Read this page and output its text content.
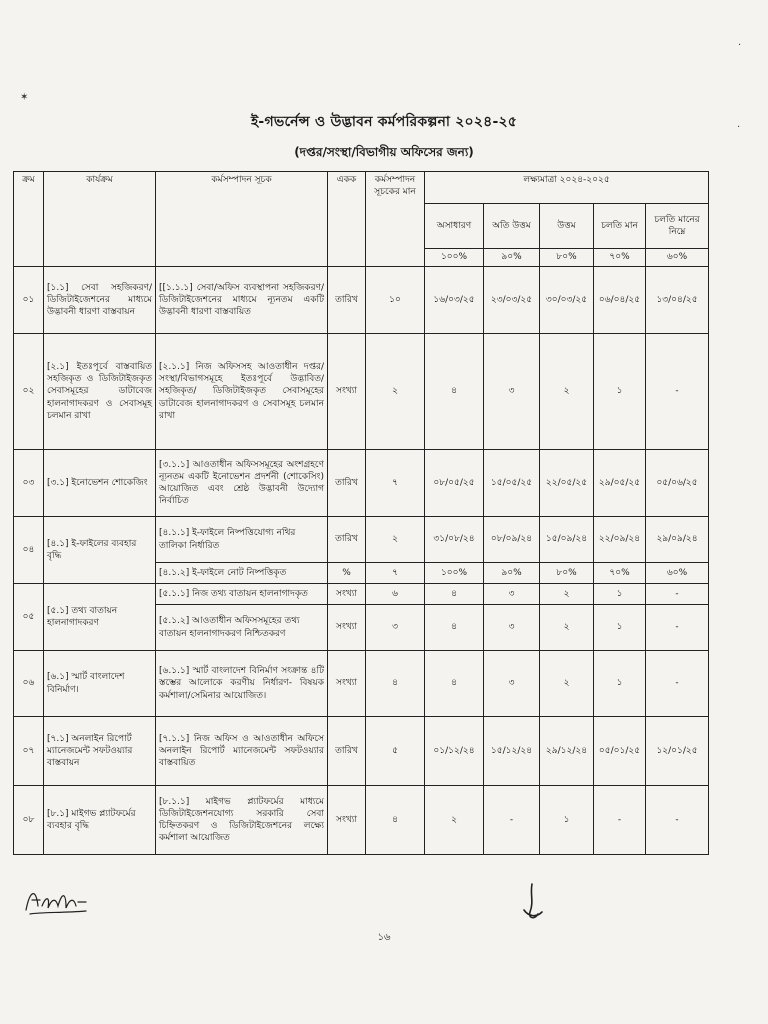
✶
·
·
ই-গভর্নেন্স ও উদ্ভাবন কর্মপরিকল্পনা ২০২৪-২৫
(দপ্তর/সংস্থা/বিভাগীয় অফিসের জন্য)
ক্রম	কার্যক্রম	কর্মসম্পাদন সূচক	একক	কর্মসম্পাদন সূচকের মান	লক্ষ্যমাত্রা ২০২৪-২০২৫				
					অসাধারণ	অতি উত্তম	উত্তম	চলতি মান	চলতি মানের নিম্নে
					১০০%	৯০%	৮০%	৭০%	৬০%
০১	[১.১] সেবা সহজিকরণ/ ডিজিটাইজেশনের মাধ্যমে উদ্ভাবনী ধারণা বাস্তবায়ন	[[১.১.১] সেবা/অফিস ব্যবস্থাপনা সহজিকরণ/ডিজিটাইজেশনের মাধ্যমে ন্যূনতম একটি উদ্ভাবনী ধারণা বাস্তবায়িত	তারিখ	১০	১৬/০৩/২৫	২৩/০৩/২৫	৩০/০৩/২৫	০৬/০৪/২৫	১৩/০৪/২৫
০২	[২.১] ইতঃপূর্বে বাস্তবায়িত সহজিকৃত ও ডিজিটাইজকৃত সেবাসমূহের ডাটাবেজ হালনাগাদকরণ ও সেবাসমূহ চলমান রাখা	[২.১.১] নিজ অফিসসহ আওতাধীন দপ্তর/সংস্থা/বিভাগসমূহে ইতঃপূর্বে উদ্ভাবিত/সহজিকৃত/ ডিজিটাইজকৃত সেবাসমূহের ডাটাবেজ হালনাগাদকরণ ও সেবাসমূহ চলমান রাখা	সংখ্যা	২	৪	৩	২	১	-
০৩	[৩.১] ইনোভেশন শোকেজিং	[৩.১.১] আওতাধীন অফিসসমূহের অংশগ্রহণে ন্যূনতম একটি ইনোভেশন প্রদর্শনী (শোকেসিং) আয়োজিত এবং শ্রেষ্ঠ উদ্ভাবনী উদ্যোগ নির্বাচিত	তারিখ	৭	০৮/০৫/২৫	১৫/০৫/২৫	২২/০৫/২৫	২৯/০৫/২৫	০৫/০৬/২৫
০৪	[৪.১] ই-ফাইলের ব্যবহার বৃদ্ধি	[৪.১.১] ই-ফাইলে নিষ্পত্তিযোগ্য নথির তালিকা নির্ধারিত	তারিখ	২	৩১/০৮/২৪	০৮/০৯/২৪	১৫/০৯/২৪	২২/০৯/২৪	২৯/০৯/২৪
		[৪.১.২] ই-ফাইলে নোট নিষ্পত্তিকৃত	%	৭	১০০%	৯০%	৮০%	৭০%	৬০%
০৫	[৫.১] তথ্য বাতায়ন হালনাগাদকরণ	[৫.১.১] নিজ তথ্য বাতায়ন হালনাগাদকৃত	সংখ্যা	৬	৪	৩	২	১	-
		[৫.১.২] আওতাধীন অফিসসমূহের তথ্য বাতায়ন হালনাগাদকরণ নিশ্চিতকরণ	সংখ্যা	৩	৪	৩	২	১	-
০৬	[৬.১] স্মার্ট বাংলাদেশ বিনির্মাণ।	[৬.১.১] স্মার্ট বাংলাদেশ বিনির্মাণ সংক্রান্ত ৪টি স্তম্ভের আলোকে করণীয় নির্ধারণ- বিষয়ক কর্মশালা/সেমিনার আয়োজিত।	সংখ্যা	৪	৪	৩	২	১	-
০৭	[৭.১] অনলাইন রিপোর্ট ম্যানেজমেন্ট সফটওয়্যার বাস্তবায়ন	[৭.১.১] নিজ অফিস ও আওতাধীন অফিসে অনলাইন রিপোর্ট ম্যানেজমেন্ট সফটওয়্যার বাস্তবায়িত	তারিখ	৫	০১/১২/২৪	১৫/১২/২৪	২৯/১২/২৪	০৫/০১/২৫	১২/০১/২৫
০৮	[৮.১] মাইগভ প্ল্যাটফর্মের ব্যবহার বৃদ্ধি	[৮.১.১] মাইগভ প্ল্যাটফর্মের মাধ্যমে ডিজিটাইজেশনযোগ্য সরকারি সেবা চিহ্নিতকরণ ও ডিজিটাইজেশনের লক্ষ্যে কর্মশালা আয়োজিত	সংখ্যা	৪	২	-	১	-	-
১৬
